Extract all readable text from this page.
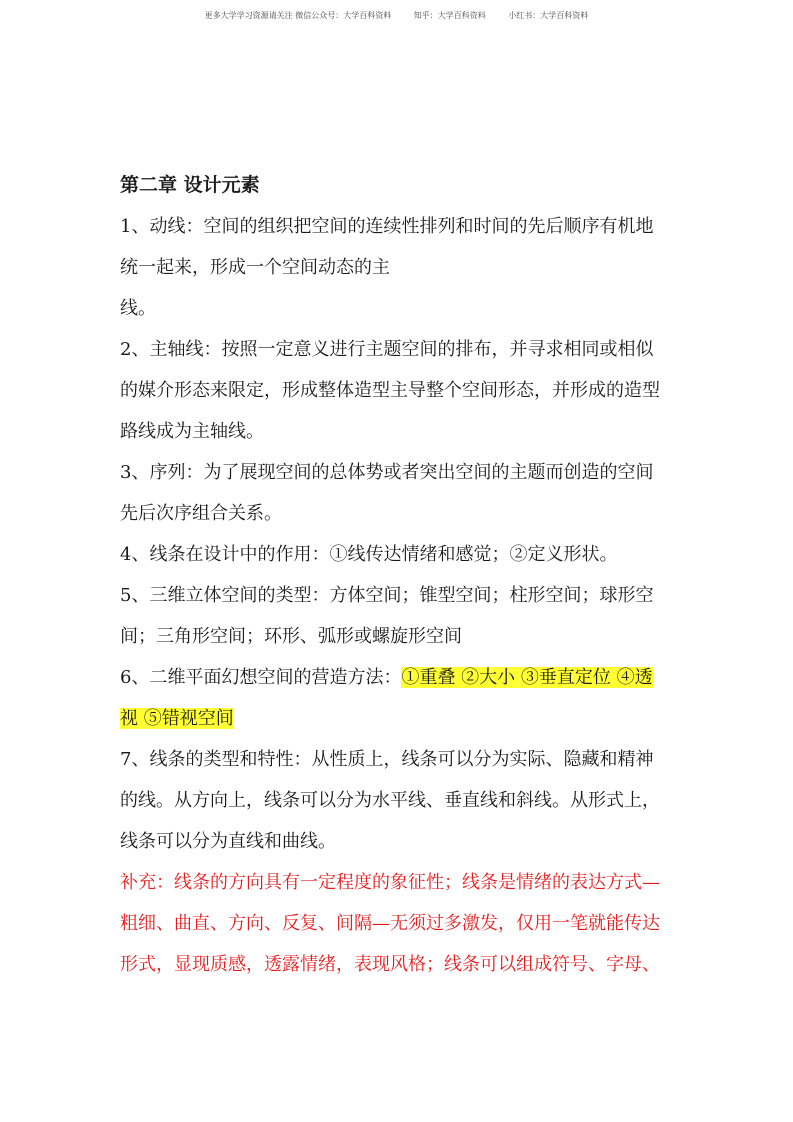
更多大学学习资源请关注 微信公众号：大学百科资料	知乎：大学百科资料	小红书：大学百科资料
第二章 设计元素

1、动线：空间的组织把空间的连续性排列和时间的先后顺序有机地
统一起来，形成一个空间动态的主
线。

2、主轴线：按照一定意义进行主题空间的排布，并寻求相同或相似
的媒介形态来限定，形成整体造型主导整个空间形态，并形成的造型
路线成为主轴线。

3、序列：为了展现空间的总体势或者突出空间的主题而创造的空间
先后次序组合关系。

4、线条在设计中的作用：①线传达情绪和感觉；②定义形状。

5、三维立体空间的类型：方体空间；锥型空间；柱形空间；球形空
间；三角形空间；环形、弧形或螺旋形空间

6、二维平面幻想空间的营造方法：①重叠 ②大小 ③垂直定位 ④透
视 ⑤错视空间

7、线条的类型和特性：从性质上，线条可以分为实际、隐藏和精神
的线。从方向上，线条可以分为水平线、垂直线和斜线。从形式上，
线条可以分为直线和曲线。

补充：线条的方向具有一定程度的象征性；线条是情绪的表达方式—
粗细、曲直、方向、反复、间隔—无须过多激发，仅用一笔就能传达
形式，显现质感，透露情绪，表现风格；线条可以组成符号、字母、
